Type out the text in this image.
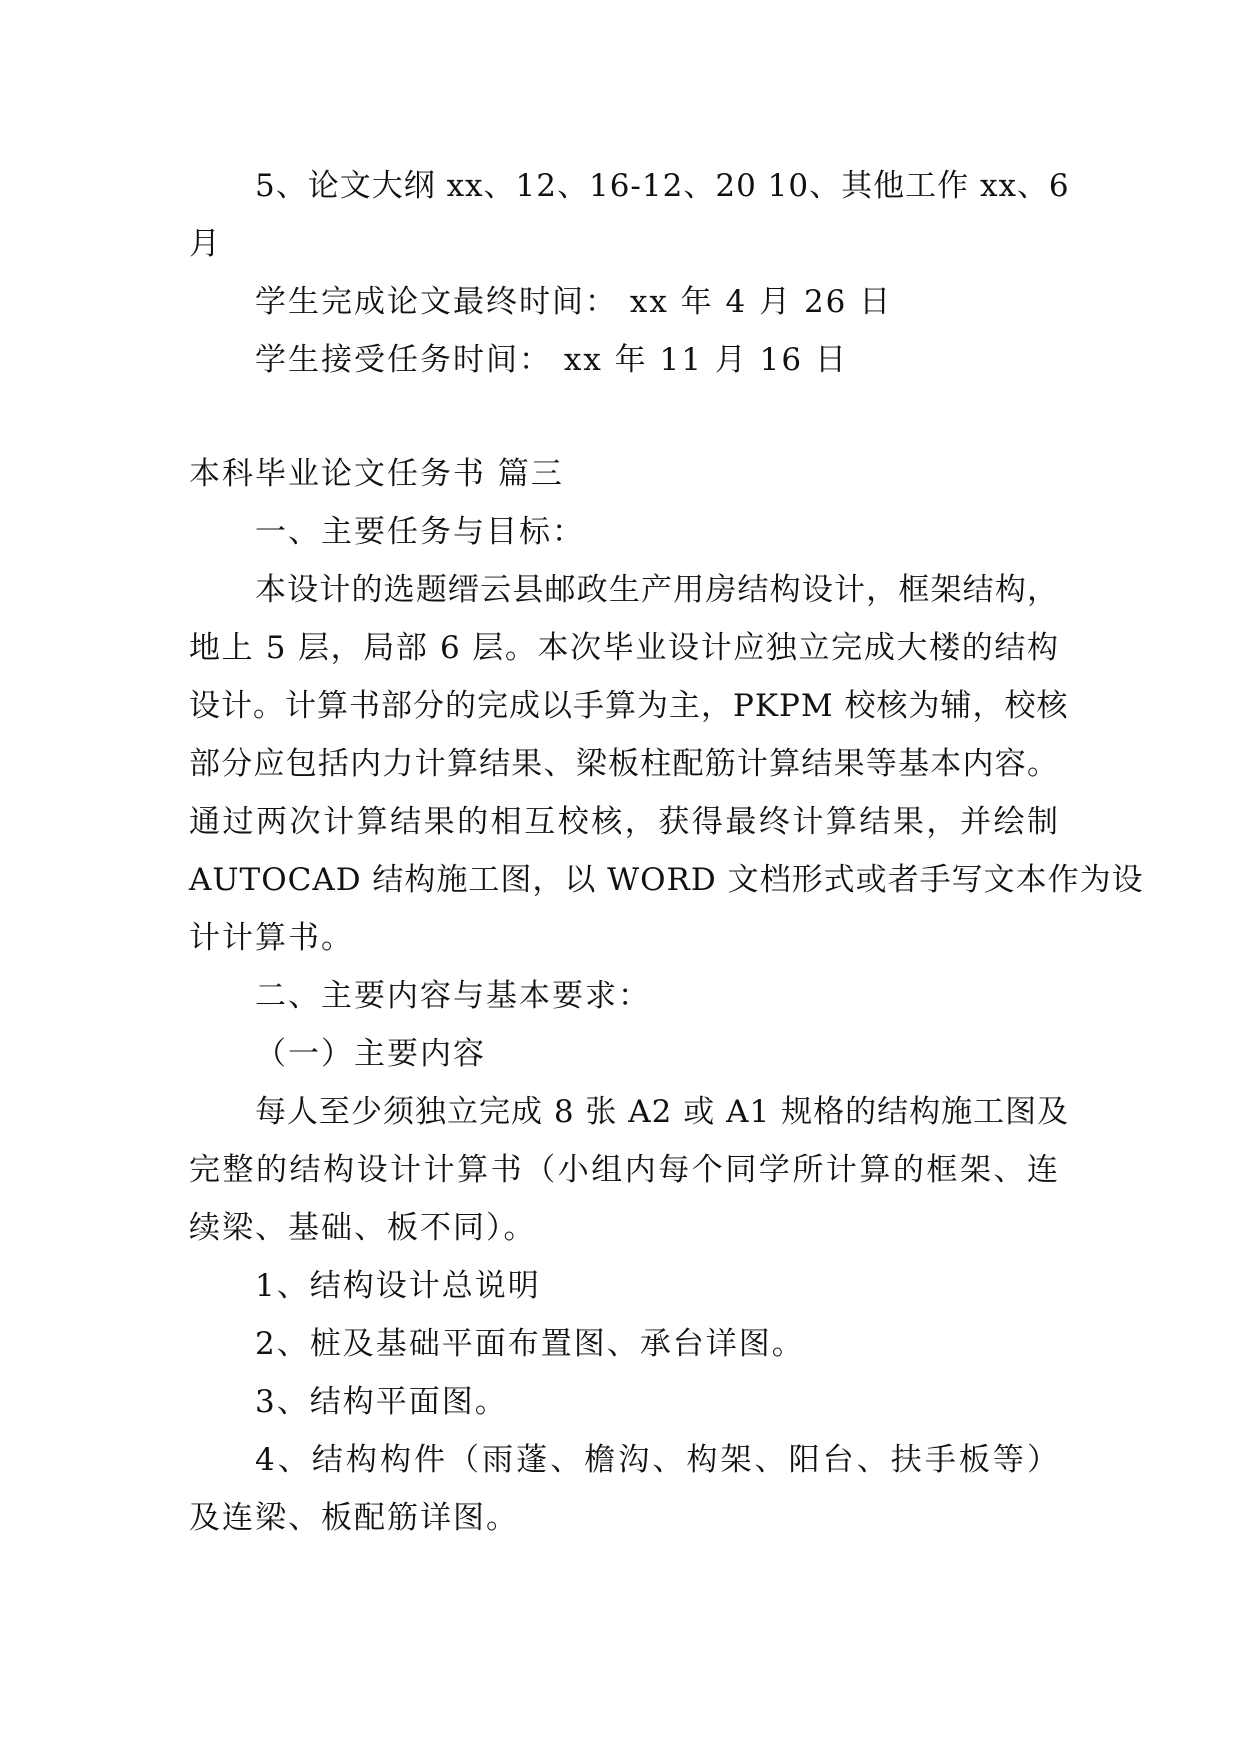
5、论文大纲 xx、12、16-12、20 10、其他工作 xx、6
月
学生完成论文最终时间： xx 年 4 月 26 日
学生接受任务时间： xx 年 11 月 16 日
本科毕业论文任务书 篇三
一、主要任务与目标：
本设计的选题缙云县邮政生产用房结构设计，框架结构，
地上 5 层，局部 6 层。本次毕业设计应独立完成大楼的结构
设计。计算书部分的完成以手算为主，PKPM 校核为辅，校核
部分应包括内力计算结果、梁板柱配筋计算结果等基本内容。
通过两次计算结果的相互校核，获得最终计算结果，并绘制
AUTOCAD 结构施工图，以 WORD 文档形式或者手写文本作为设
计计算书。
二、主要内容与基本要求：
（一）主要内容
每人至少须独立完成 8 张 A2 或 A1 规格的结构施工图及
完整的结构设计计算书（小组内每个同学所计算的框架、连
续梁、基础、板不同）。
1、结构设计总说明
2、桩及基础平面布置图、承台详图。
3、结构平面图。
4、结构构件（雨蓬、檐沟、构架、阳台、扶手板等）
及连梁、板配筋详图。
